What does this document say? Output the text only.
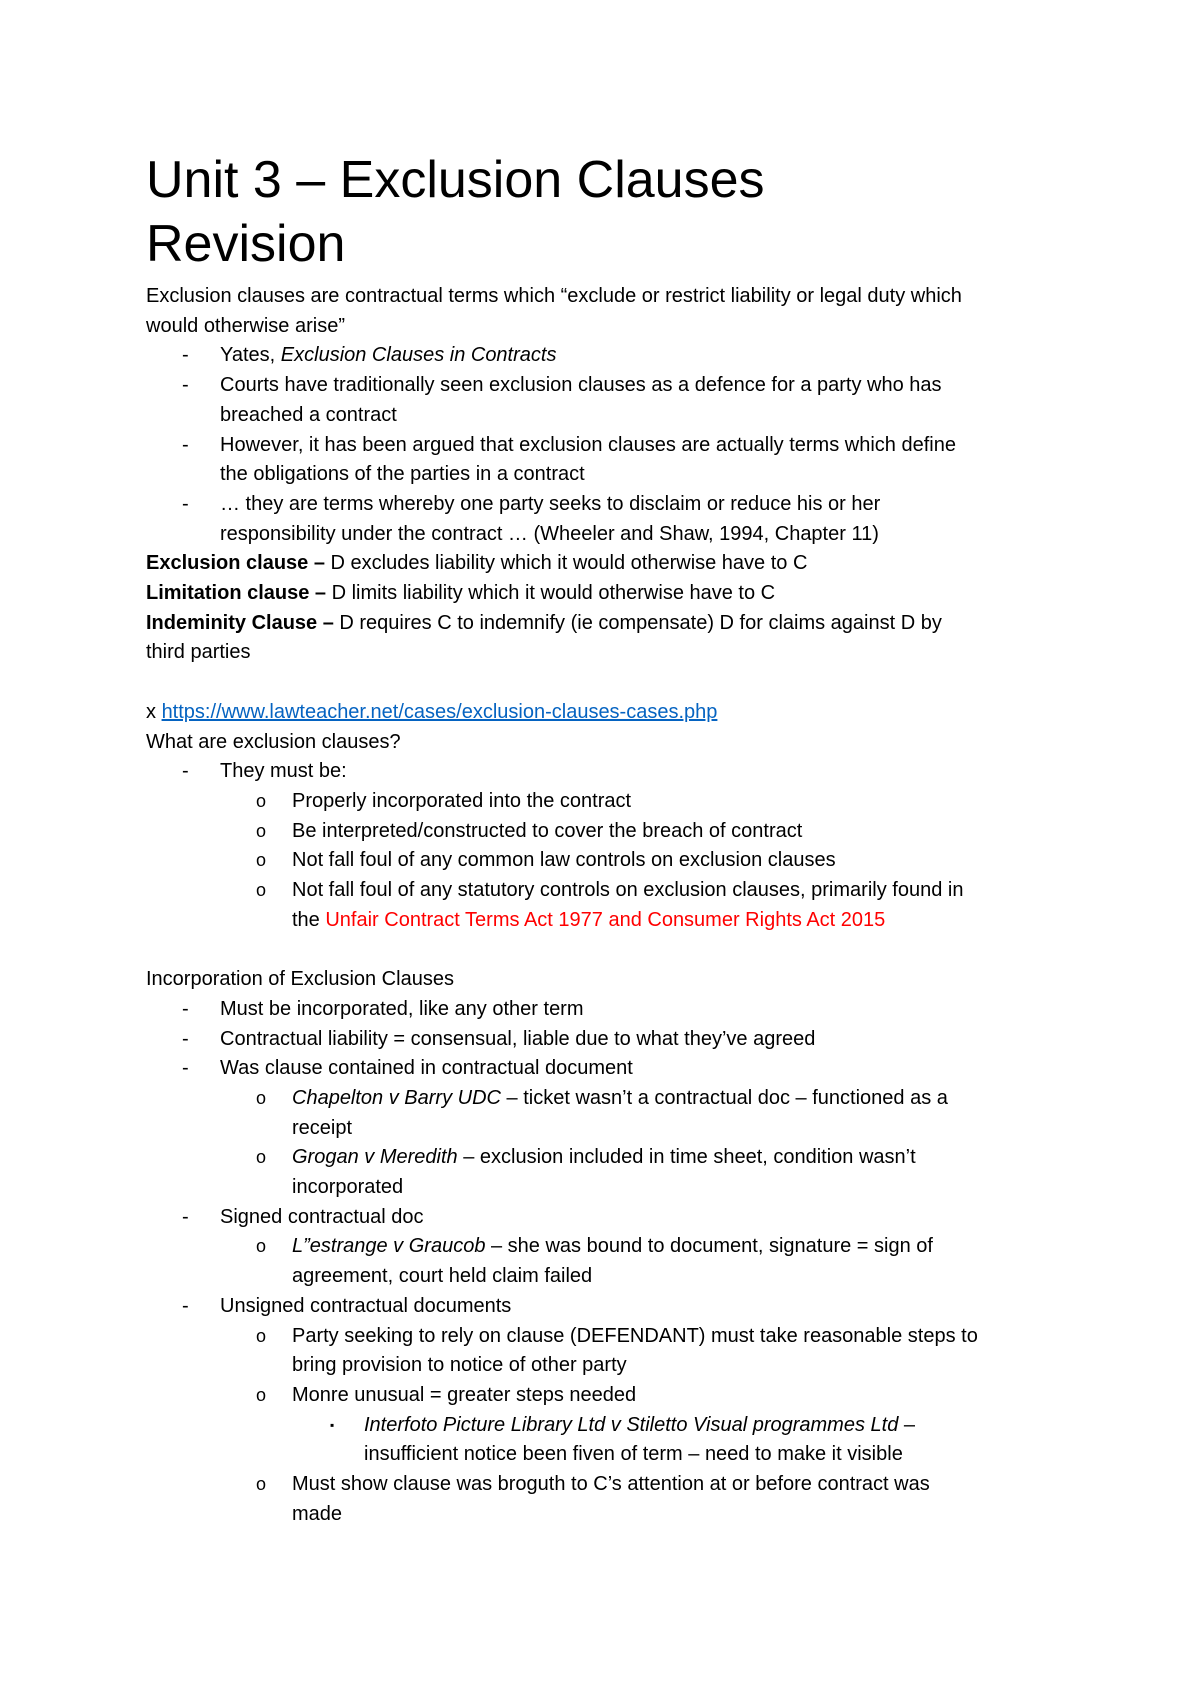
Unit 3 – Exclusion Clauses
Revision
Exclusion clauses are contractual terms which “exclude or restrict liability or legal duty which
would otherwise arise”
-	Yates, Exclusion Clauses in Contracts
-	Courts have traditionally seen exclusion clauses as a defence for a party who has
breached a contract
-	However, it has been argued that exclusion clauses are actually terms which define
the obligations of the parties in a contract
-	… they are terms whereby one party seeks to disclaim or reduce his or her
responsibility under the contract … (Wheeler and Shaw, 1994, Chapter 11)
Exclusion clause – D excludes liability which it would otherwise have to C
Limitation clause – D limits liability which it would otherwise have to C
Indeminity Clause – D requires C to indemnify (ie compensate) D for claims against D by
third parties
x https://www.lawteacher.net/cases/exclusion-clauses-cases.php
What are exclusion clauses?
-	They must be:
o	Properly incorporated into the contract
o	Be interpreted/constructed to cover the breach of contract
o	Not fall foul of any common law controls on exclusion clauses
o	Not fall foul of any statutory controls on exclusion clauses, primarily found in
the Unfair Contract Terms Act 1977 and Consumer Rights Act 2015
Incorporation of Exclusion Clauses
-	Must be incorporated, like any other term
-	Contractual liability = consensual, liable due to what they’ve agreed
-	Was clause contained in contractual document
o	Chapelton v Barry UDC – ticket wasn’t a contractual doc – functioned as a
receipt
o	Grogan v Meredith – exclusion included in time sheet, condition wasn’t
incorporated
-	Signed contractual doc
o	L”estrange v Graucob – she was bound to document, signature = sign of
agreement, court held claim failed
-	Unsigned contractual documents
o	Party seeking to rely on clause (DEFENDANT) must take reasonable steps to
bring provision to notice of other party
o	Monre unusual = greater steps needed
▪	Interfoto Picture Library Ltd v Stiletto Visual programmes Ltd –
insufficient notice been fiven of term – need to make it visible
o	Must show clause was broguth to C’s attention at or before contract was
made
